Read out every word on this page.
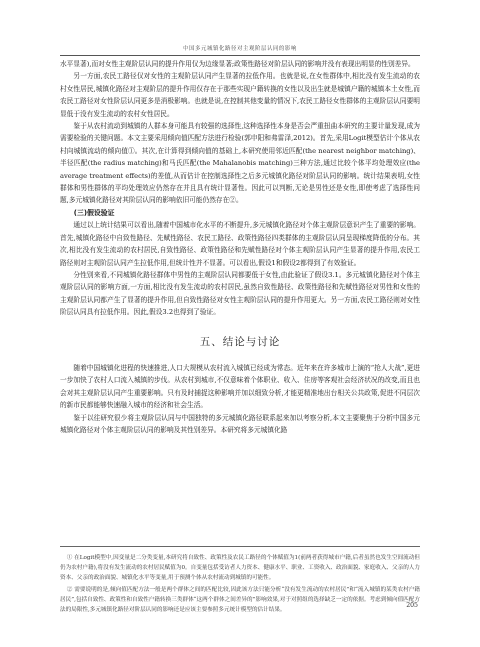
中国多元城镇化路径对主观阶层认同的影响

水平显著),而对女性主观阶层认同的提升作用仅为边缘显著;政策性路径对阶层认同的影响并没有表现出明显的性别差异。

另一方面,农民工路径仅对女性的主观阶层认同产生显著的拉低作用。也就是说,在女性群体中,相比没有发生流动的农村女性居民,城镇化路径对主观阶层的提升作用仅存在于那些实现户籍转换的女性以及出生就是城镇户籍的城镇本土女性,而农民工路径对女性阶层认同更多是消极影响。也就是说,在控制其他变量的情况下,农民工路径女性群体的主观阶层认同要明显低于没有发生流动的农村女性居民。

鉴于从农村流动到城镇的人群本身可能具有较强的选择性,这种选择性本身是否会严重扭曲本研究的主要计量发现,成为需要检验的关键问题。本文主要采用倾向值匹配方法进行检验(郭申阳和弗雷泽,2012)。首先,采用Logit模型估计个体从农村向城镇流动的倾向值①。其次,在计算得到倾向值的基础上,本研究使用邻近匹配(the nearest neighbor matching)、半径匹配(the radius matching)和马氏匹配(the Mahalanobis matching)三种方法,通过比较个体平均处理效应(the average treatment effects)的差值,从而估计在控制选择性之后多元城镇化路径对阶层认同的影响。统计结果表明,女性群体和男性群体的平均处理效应仍然存在并且具有统计显著性。因此可以判断,无论是男性还是女性,即使考虑了选择性问题,多元城镇化路径对其阶层认同的影响依旧可能仍然存在②。

(三)假设验证

通过以上统计结果可以看出,随着中国城市化水平的不断提升,多元城镇化路径对个体主观阶层意识产生了重要的影响。首先,城镇化路径中自致性路径、先赋性路径、农民工路径、政策性路径四类群体的主观阶层认同呈现梯度降低的分布。其次,相比没有发生流动的农村居民,自致性路径、政策性路径和先赋性路径对个体主观阶层认同产生显著的提升作用,农民工路径则对主观阶层认同产生拉低作用,但统计性并不显著。可以看出,假设1和假设2都得到了有效验证。

分性别来看,不同城镇化路径群体中男性的主观阶层认同都要低于女性,由此验证了假设3.1。多元城镇化路径对个体主观阶层认同的影响方面,一方面,相比没有发生流动的农村居民,虽然自致性路径、政策性路径和先赋性路径对男性和女性的主观阶层认同都产生了显著的提升作用,但自致性路径对女性主观阶层认同的提升作用更大。另一方面,农民工路径则对女性阶层认同具有拉低作用。因此,假设3.2也得到了验证。

五、结论与讨论

随着中国城镇化进程的快速推进,人口大规模从农村流入城镇已经成为常态。近年来在许多城市上演的“抢人大战”,更进一步加快了农村人口流入城镇的步伐。从农村到城市,不仅意味着个体职业、收入、住房等客观社会经济状况的改变,而且也会对其主观阶层认同产生重要影响。只有及时捕捉这种影响并加以细致分析,才能更精准地出台相关公共政策,促进不同层次的新市民都能够快速融入城市的经济和社会生活。

鉴于以往研究很少将主观阶层认同与中国独特的多元城镇化路径联系起来加以考察分析,本文主要聚焦于分析中国多元城镇化路径对个体主观阶层认同的影响及其性别差异。本研究将多元城镇化路

① 在Logit模型中,因变量是二分类变量,本研究将自致性、政策性及农民工路径的个体赋值为1(前两者获得城市户籍,后者虽然也发生空间流动但仍为农村户籍),将没有发生流动的农村居民赋值为0。自变量包括受访者人力资本、健康水平、职业、工资收入、政治面貌、家庭收入、父亲的人力资本、父亲的政治面貌、城镇化水平等变量,用于预测个体从农村流动到城镇的可能性。

② 需要说明的是,倾向值匹配方法一般是两个群体之间的匹配比较,因此该方法只能分析“没有发生流动的农村居民”和“流入城镇的某类农村户籍居民”,包括自致性、政策性和自致性户籍转换三类群体“这两个群体之间差异的”影响效果,对于对照组的选择缺乏一定的依据。考虑到倾向值匹配方法的局限性,多元城镇化路径对阶层认同的影响还是应该主要参照多元统计模型的估计结果。

205
